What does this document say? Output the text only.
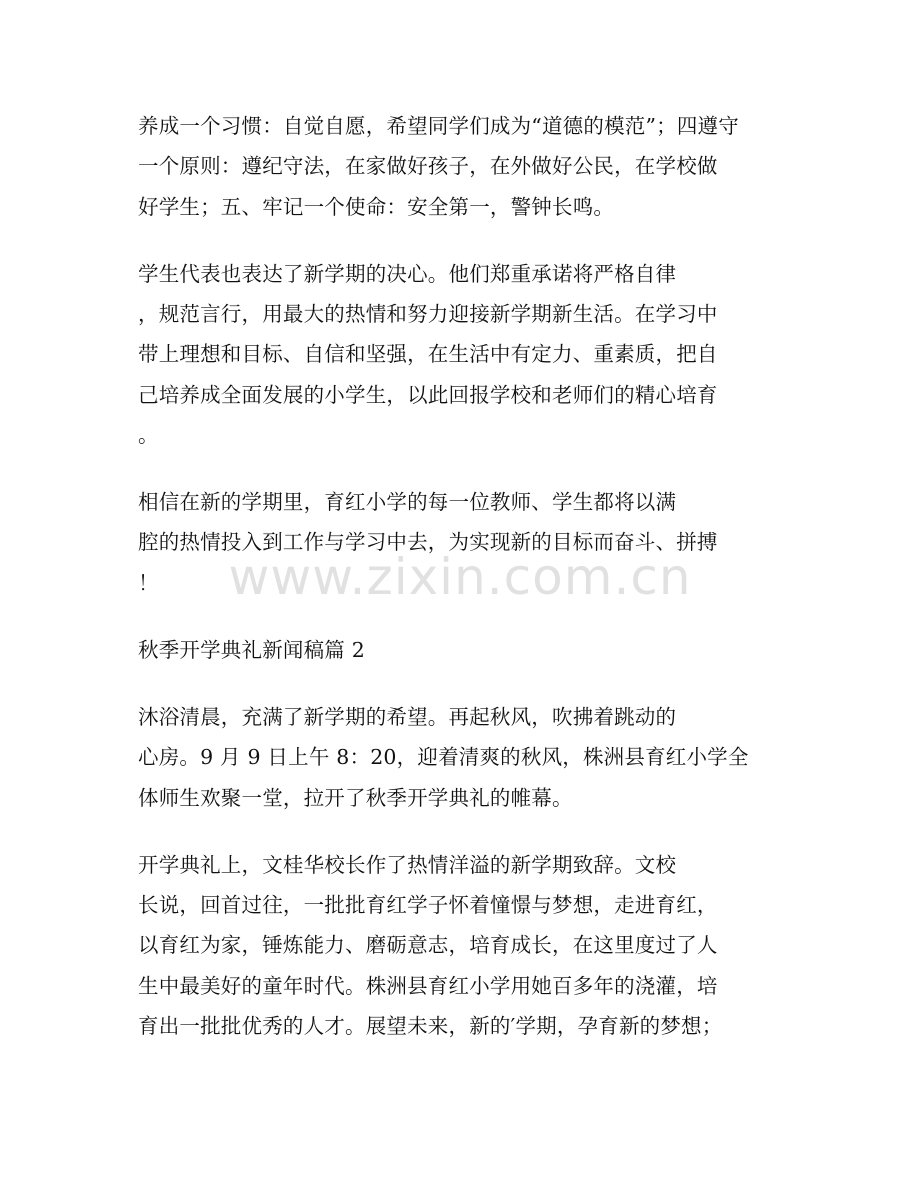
养成一个习惯：自觉自愿，希望同学们成为“道德的模范”；四遵守
一个原则：遵纪守法，在家做好孩子，在外做好公民，在学校做
好学生；五、牢记一个使命：安全第一，警钟长鸣。
学生代表也表达了新学期的决心。他们郑重承诺将严格自律
，规范言行，用最大的热情和努力迎接新学期新生活。在学习中
带上理想和目标、自信和坚强，在生活中有定力、重素质，把自
己培养成全面发展的小学生，以此回报学校和老师们的精心培育
。
相信在新的学期里，育红小学的每一位教师、学生都将以满
腔的热情投入到工作与学习中去，为实现新的目标而奋斗、拼搏
！
秋季开学典礼新闻稿篇 2
沐浴清晨，充满了新学期的希望。再起秋风，吹拂着跳动的
心房。9 月 9 日上午 8：20，迎着清爽的秋风，株洲县育红小学全
体师生欢聚一堂，拉开了秋季开学典礼的帷幕。
开学典礼上，文桂华校长作了热情洋溢的新学期致辞。文校
长说，回首过往，一批批育红学子怀着憧憬与梦想，走进育红，
以育红为家，锤炼能力、磨砺意志，培育成长，在这里度过了人
生中最美好的童年时代。株洲县育红小学用她百多年的浇灌，培
育出一批批优秀的人才。展望未来，新的′学期，孕育新的梦想；
www.zixin.com.cn
